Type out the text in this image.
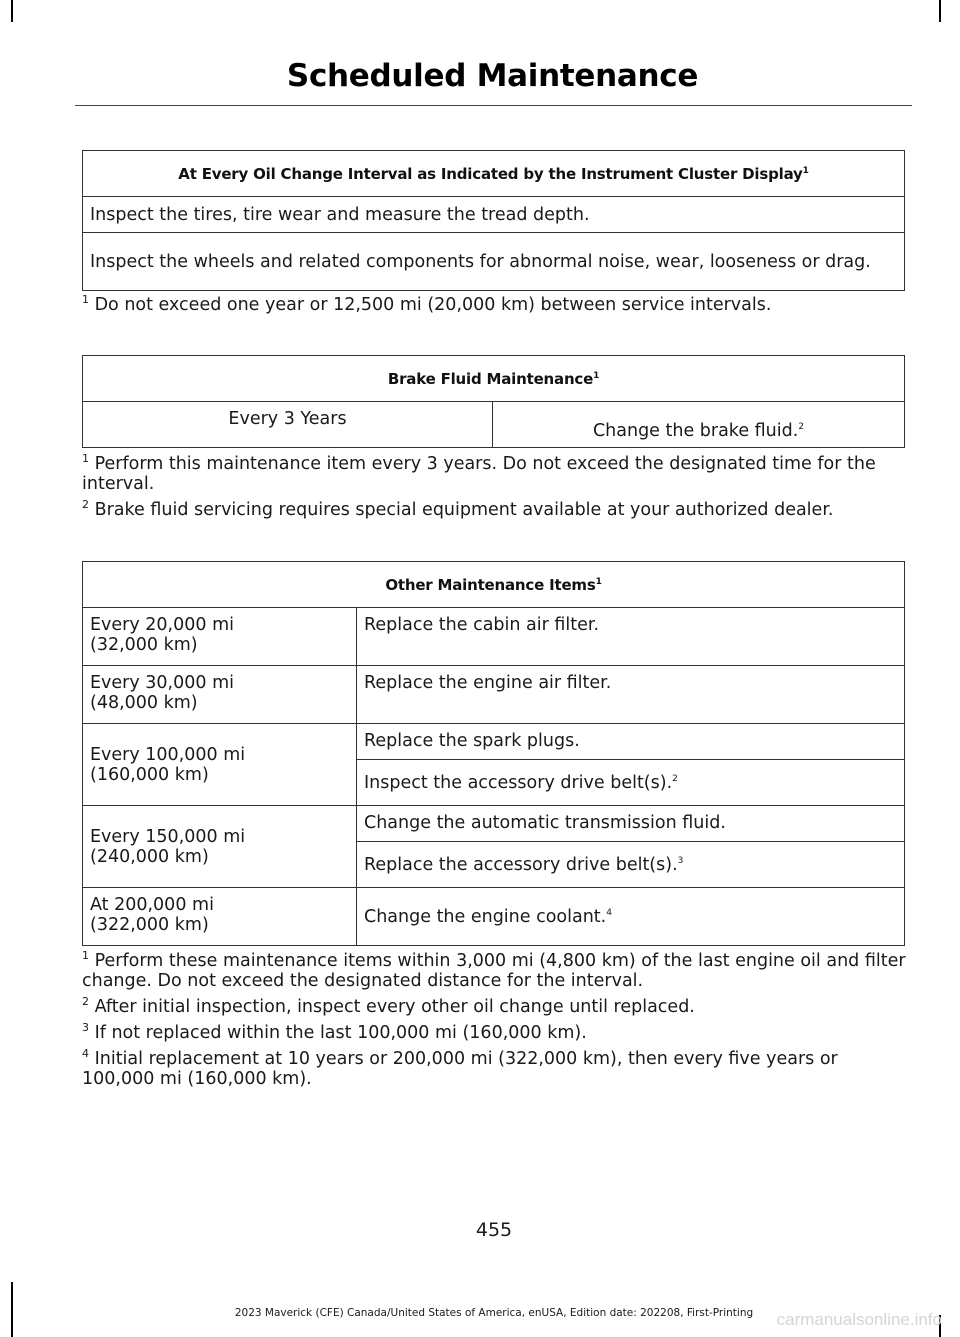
Scheduled Maintenance
At Every Oil Change Interval as Indicated by the Instrument Cluster Display$^1$
Inspect the tires, tire wear and measure the tread depth.
Inspect the wheels and related components for abnormal noise, wear, looseness or drag.

$^1$ Do not exceed one year or 12,500 mi (20,000 km) between service intervals.

Brake Fluid Maintenance$^1$
Every 3 Years	Change the brake fluid.$^2$

$^1$ Perform this maintenance item every 3 years. Do not exceed the designated time for the interval.

$^2$ Brake fluid servicing requires special equipment available at your authorized dealer.

Other Maintenance Items$^1$
Every 20,000 mi
(32,000 km)	Replace the cabin air filter.
Every 30,000 mi
(48,000 km)	Replace the engine air filter.
Every 100,000 mi
(160,000 km)	Replace the spark plugs.
	Inspect the accessory drive belt(s).$^2$
Every 150,000 mi
(240,000 km)	Change the automatic transmission fluid.
	Replace the accessory drive belt(s).$^3$
At 200,000 mi
(322,000 km)	Change the engine coolant.$^4$

$^1$ Perform these maintenance items within 3,000 mi (4,800 km) of the last engine oil and filter change. Do not exceed the designated distance for the interval.

$^2$ After initial inspection, inspect every other oil change until replaced.

$^3$ If not replaced within the last 100,000 mi (160,000 km).

$^4$ Initial replacement at 10 years or 200,000 mi (322,000 km), then every five years or 100,000 mi (160,000 km).

455
2023 Maverick (CFE) Canada/United States of America, enUSA, Edition date: 202208, First-Printing	carmanualsonline.info
